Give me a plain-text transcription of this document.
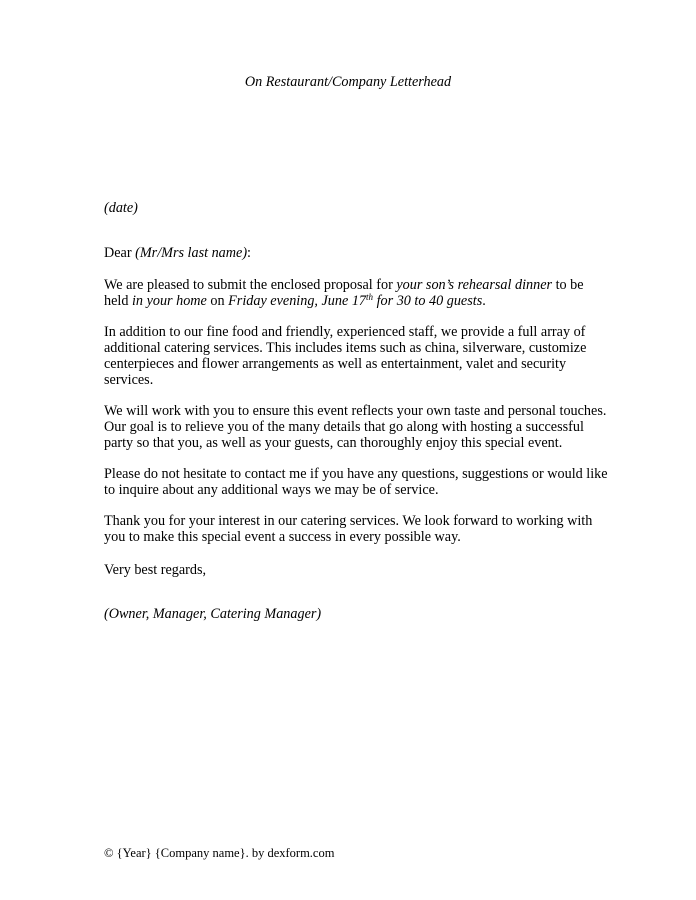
On Restaurant/Company Letterhead
(date)

Dear (Mr/Mrs last name):

We are pleased to submit the enclosed proposal for your son’s rehearsal dinner to be
held in your home on Friday evening, June 17th for 30 to 40 guests.

In addition to our fine food and friendly, experienced staff, we provide a full array of
additional catering services. This includes items such as china, silverware, customize
centerpieces and flower arrangements as well as entertainment, valet and security
services.

We will work with you to ensure this event reflects your own taste and personal touches.
Our goal is to relieve you of the many details that go along with hosting a successful
party so that you, as well as your guests, can thoroughly enjoy this special event.

Please do not hesitate to contact me if you have any questions, suggestions or would like
to inquire about any additional ways we may be of service.

Thank you for your interest in our catering services. We look forward to working with
you to make this special event a success in every possible way.

Very best regards,
(Owner, Manager, Catering Manager)
© {Year} {Company name}. by dexform.com
